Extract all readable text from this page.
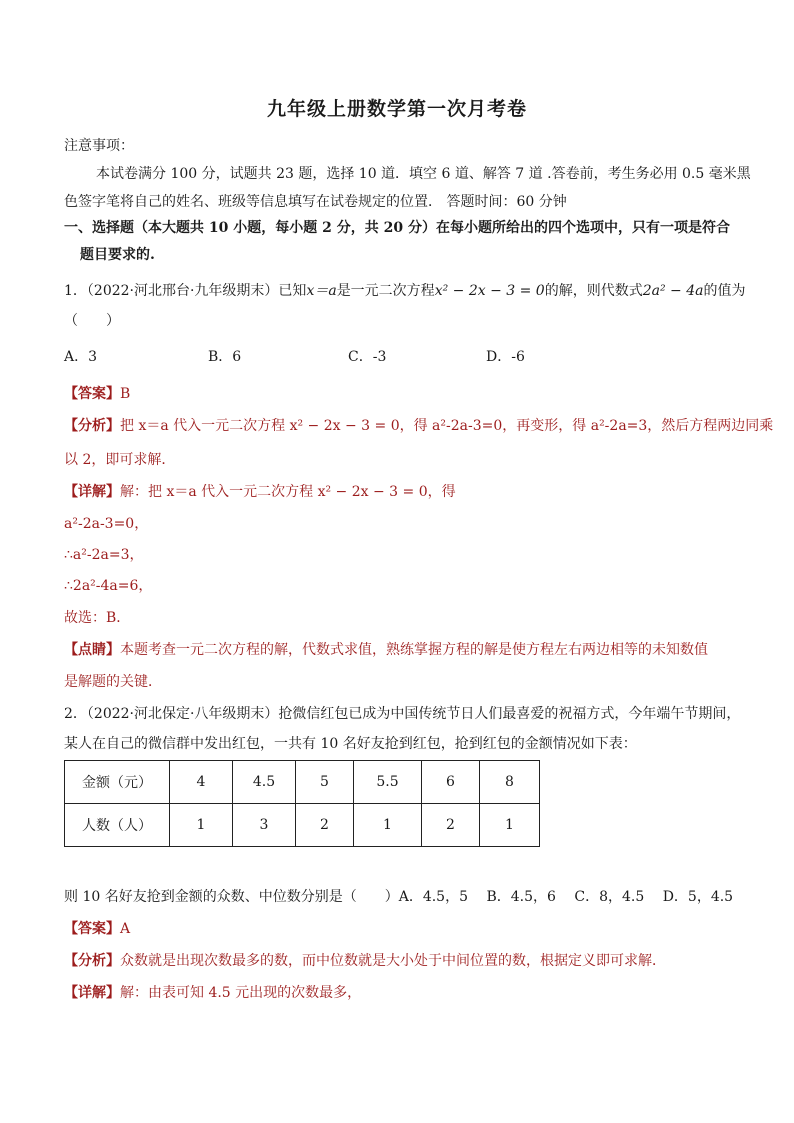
九年级上册数学第一次月考卷
注意事项：
本试卷满分 100 分，试题共 23 题，选择 10 道．填空 6 道、解答 7 道 .答卷前，考生务必用 0.5 毫米黑
色签字笔将自己的姓名、班级等信息填写在试卷规定的位置． 答题时间：60 分钟
一、选择题（本大题共 10 小题，每小题 2 分，共 20 分）在每小题所给出的四个选项中，只有一项是符合
题目要求的.
1．（2022·河北邢台·九年级期末）已知x＝a是一元二次方程x² − 2x − 3 = 0的解，则代数式2a² − 4a的值为
（　　）
A．3	B．6	C．-3	D．-6
【答案】B
【分析】把 x＝a 代入一元二次方程 x² − 2x − 3 = 0，得 a²-2a-3=0，再变形，得 a²-2a=3，然后方程两边同乘
以 2，即可求解．
【详解】解：把 x＝a 代入一元二次方程 x² − 2x − 3 = 0，得
a²-2a-3=0，
∴a²-2a=3，
∴2a²-4a=6，
故选：B．
【点睛】本题考查一元二次方程的解，代数式求值，熟练掌握方程的解是使方程左右两边相等的未知数值
是解题的关键．
2．（2022·河北保定·八年级期末）抢微信红包已成为中国传统节日人们最喜爱的祝福方式，今年端午节期间，
某人在自己的微信群中发出红包，一共有 10 名好友抢到红包，抢到红包的金额情况如下表：
金额（元）	4	4.5	5	5.5	6	8
人数（人）	1	3	2	1	2	1
则 10 名好友抢到金额的众数、中位数分别是（　　）A．4.5，5　 B．4.5，6　 C．8，4.5　 D．5，4.5
【答案】A
【分析】众数就是出现次数最多的数，而中位数就是大小处于中间位置的数，根据定义即可求解．
【详解】解：由表可知 4.5 元出现的次数最多，
